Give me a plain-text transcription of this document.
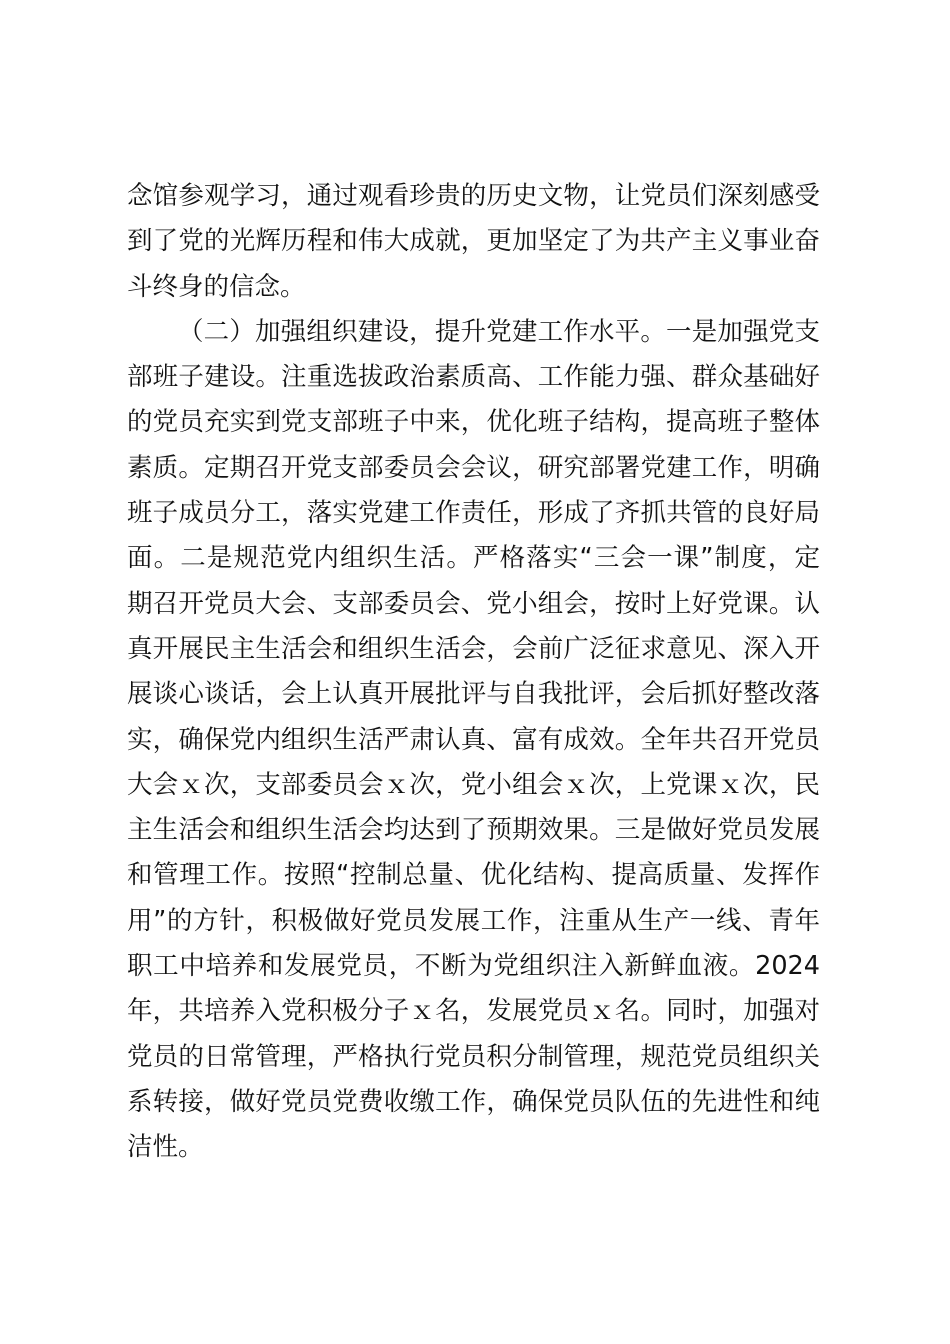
念馆参观学习，通过观看珍贵的历史文物，让党员们深刻感受
到了党的光辉历程和伟大成就，更加坚定了为共产主义事业奋
斗终身的信念。
（二）加强组织建设，提升党建工作水平。一是加强党支
部班子建设。注重选拔政治素质高、工作能力强、群众基础好
的党员充实到党支部班子中来，优化班子结构，提高班子整体
素质。定期召开党支部委员会会议，研究部署党建工作，明确
班子成员分工，落实党建工作责任，形成了齐抓共管的良好局
面。二是规范党内组织生活。严格落实“三会一课”制度，定
期召开党员大会、支部委员会、党小组会，按时上好党课。认
真开展民主生活会和组织生活会，会前广泛征求意见、深入开
展谈心谈话，会上认真开展批评与自我批评，会后抓好整改落
实，确保党内组织生活严肃认真、富有成效。全年共召开党员
大会ｘ次，支部委员会ｘ次，党小组会ｘ次，上党课ｘ次，民
主生活会和组织生活会均达到了预期效果。三是做好党员发展
和管理工作。按照“控制总量、优化结构、提高质量、发挥作
用”的方针，积极做好党员发展工作，注重从生产一线、青年
职工中培养和发展党员，不断为党组织注入新鲜血液。2024
年，共培养入党积极分子ｘ名，发展党员ｘ名。同时，加强对
党员的日常管理，严格执行党员积分制管理，规范党员组织关
系转接，做好党员党费收缴工作，确保党员队伍的先进性和纯
洁性。
